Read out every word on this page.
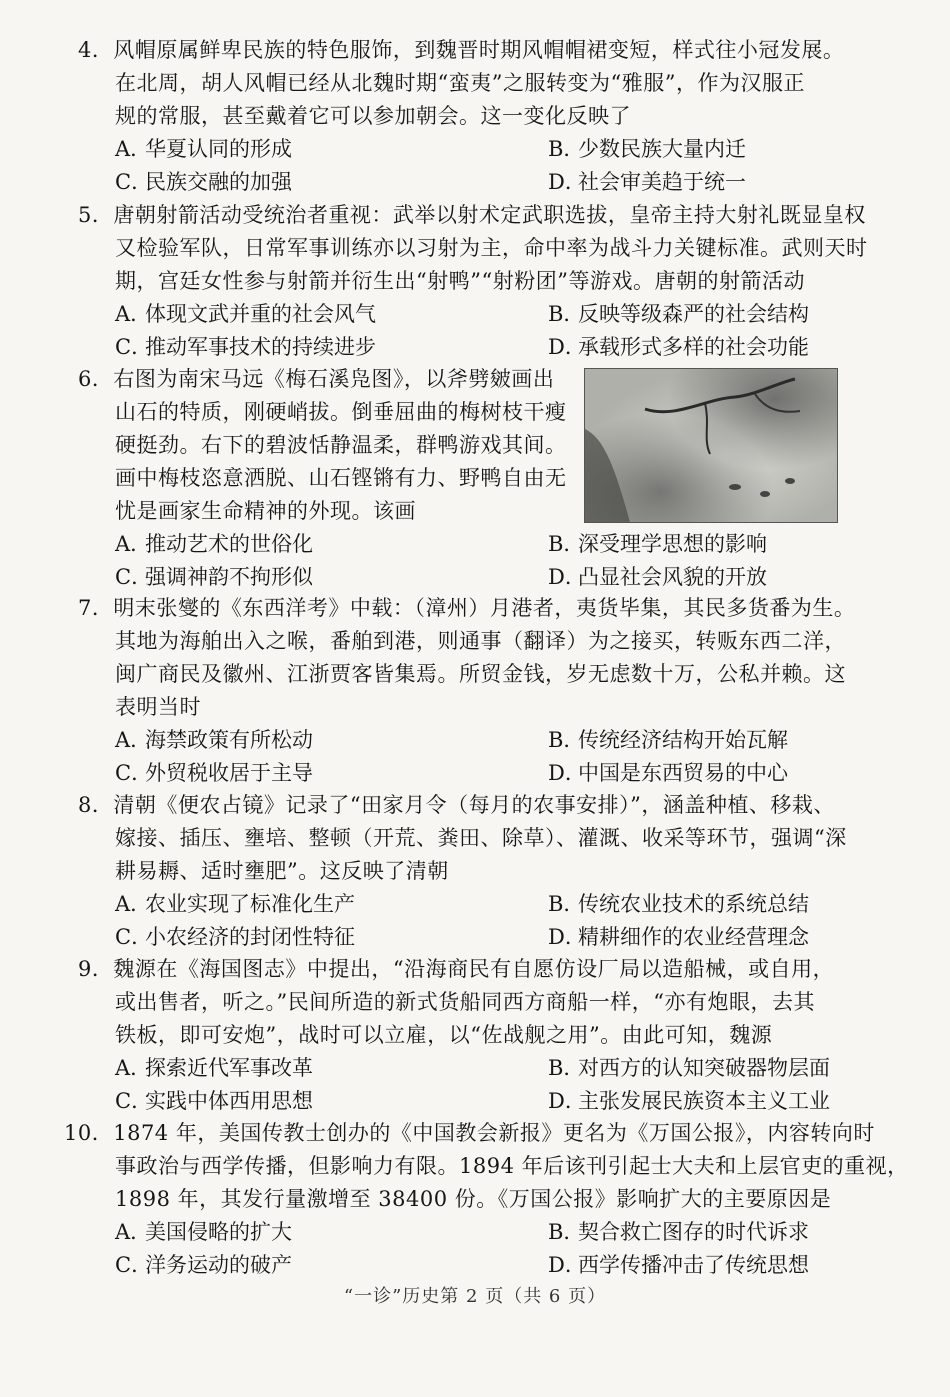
4．风帽原属鲜卑民族的特色服饰，到魏晋时期风帽帽裙变短，样式往小冠发展。
在北周，胡人风帽已经从北魏时期“蛮夷”之服转变为“雅服”，作为汉服正
规的常服，甚至戴着它可以参加朝会。这一变化反映了
A．华夏认同的形成	B．少数民族大量内迁
C．民族交融的加强	D．社会审美趋于统一
5．唐朝射箭活动受统治者重视：武举以射术定武职选拔，皇帝主持大射礼既显皇权
又检验军队，日常军事训练亦以习射为主，命中率为战斗力关键标准。武则天时
期，宫廷女性参与射箭并衍生出“射鸭”“射粉团”等游戏。唐朝的射箭活动
A．体现文武并重的社会风气	B．反映等级森严的社会结构
C．推动军事技术的持续进步	D．承载形式多样的社会功能
6．右图为南宋马远《梅石溪凫图》，以斧劈皴画出
山石的特质，刚硬峭拔。倒垂屈曲的梅树枝干瘦
硬挺劲。右下的碧波恬静温柔，群鸭游戏其间。
画中梅枝恣意洒脱、山石铿锵有力、野鸭自由无
忧是画家生命精神的外现。该画
A．推动艺术的世俗化	B．深受理学思想的影响
C．强调神韵不拘形似	D．凸显社会风貌的开放
7．明末张燮的《东西洋考》中载：（漳州）月港者，夷货毕集，其民多货番为生。
其地为海舶出入之喉，番舶到港，则通事（翻译）为之接买，转贩东西二洋，
闽广商民及徽州、江浙贾客皆集焉。所贸金钱，岁无虑数十万，公私并赖。这
表明当时
A．海禁政策有所松动	B．传统经济结构开始瓦解
C．外贸税收居于主导	D．中国是东西贸易的中心
8．清朝《便农占镜》记录了“田家月令（每月的农事安排）”，涵盖种植、移栽、
嫁接、插压、壅培、整顿（开荒、粪田、除草）、灌溉、收采等环节，强调“深
耕易耨、适时壅肥”。这反映了清朝
A．农业实现了标准化生产	B．传统农业技术的系统总结
C．小农经济的封闭性特征	D．精耕细作的农业经营理念
9．魏源在《海国图志》中提出，“沿海商民有自愿仿设厂局以造船械，或自用，
或出售者，听之。”民间所造的新式货船同西方商船一样，“亦有炮眼，去其
铁板，即可安炮”，战时可以立雇，以“佐战舰之用”。由此可知，魏源
A．探索近代军事改革	B．对西方的认知突破器物层面
C．实践中体西用思想	D．主张发展民族资本主义工业
10．1874 年，美国传教士创办的《中国教会新报》更名为《万国公报》，内容转向时
事政治与西学传播，但影响力有限。1894 年后该刊引起士大夫和上层官吏的重视，
1898 年，其发行量激增至 38400 份。《万国公报》影响扩大的主要原因是
A．美国侵略的扩大	B．契合救亡图存的时代诉求
C．洋务运动的破产	D．西学传播冲击了传统思想
“一诊”历史第 2 页（共 6 页）
